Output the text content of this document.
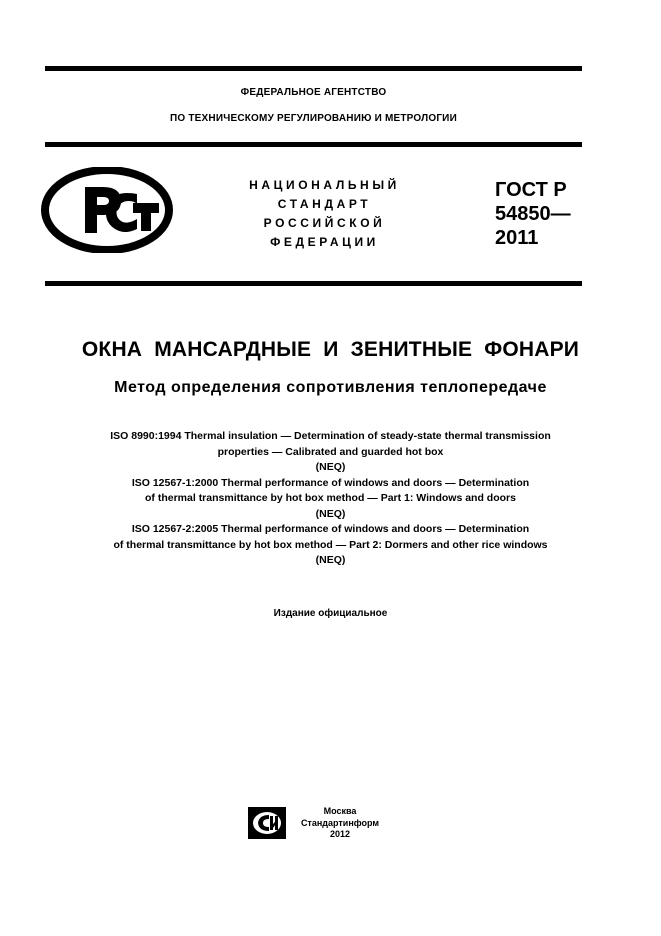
ФЕДЕРАЛЬНОЕ АГЕНТСТВО
ПО ТЕХНИЧЕСКОМУ РЕГУЛИРОВАНИЮ И МЕТРОЛОГИИ
НАЦИОНАЛЬНЫЙ
СТАНДАРТ
РОССИЙСКОЙ
ФЕДЕРАЦИИ
ГОСТ Р
54850—
2011
ОКНА МАНСАРДНЫЕ И ЗЕНИТНЫЕ ФОНАРИ
Метод определения сопротивления теплопередаче
ISO 8990:1994 Thermal insulation — Determination of steady-state thermal transmission
properties — Calibrated and guarded hot box
(NEQ)
ISO 12567-1:2000 Thermal performance of windows and doors — Determination
of thermal transmittance by hot box method — Part 1: Windows and doors
(NEQ)
ISO 12567-2:2005 Thermal performance of windows and doors — Determination
of thermal transmittance by hot box method — Part 2: Dormers and other rice windows
(NEQ)
Издание официальное
Москва
Стандартинформ
2012
